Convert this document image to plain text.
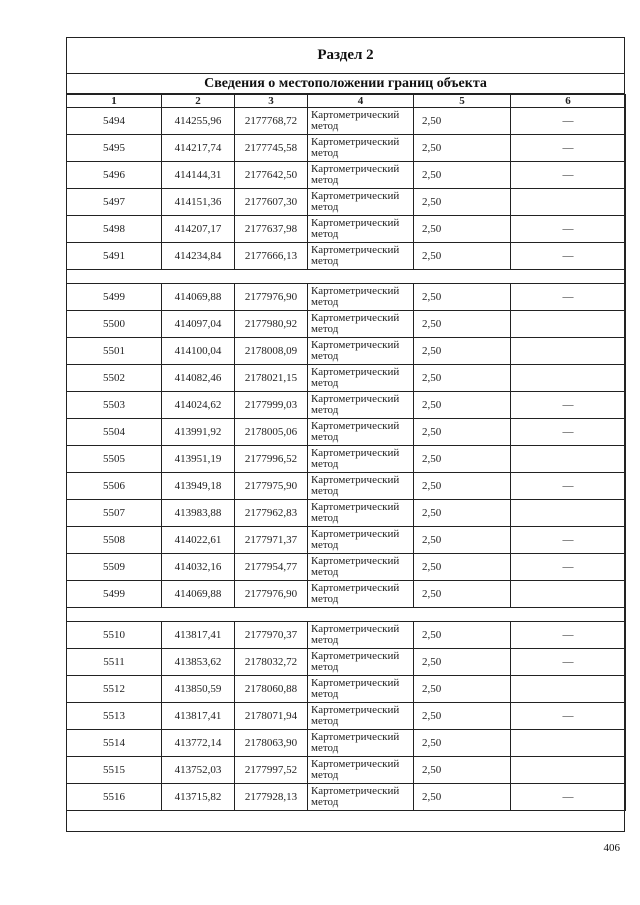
Раздел 2
Сведения о местоположении границ объекта
1	2	3	4	5	6
5494	414255,96	2177768,72	Картометрический метод	2,50	—
5495	414217,74	2177745,58	Картометрический метод	2,50	—
5496	414144,31	2177642,50	Картометрический метод	2,50	—
5497	414151,36	2177607,30	Картометрический метод	2,50	
5498	414207,17	2177637,98	Картометрический метод	2,50	—
5491	414234,84	2177666,13	Картометрический метод	2,50	—

5499	414069,88	2177976,90	Картометрический метод	2,50	—
5500	414097,04	2177980,92	Картометрический метод	2,50	
5501	414100,04	2178008,09	Картометрический метод	2,50	
5502	414082,46	2178021,15	Картометрический метод	2,50	
5503	414024,62	2177999,03	Картометрический метод	2,50	—
5504	413991,92	2178005,06	Картометрический метод	2,50	—
5505	413951,19	2177996,52	Картометрический метод	2,50	
5506	413949,18	2177975,90	Картометрический метод	2,50	—
5507	413983,88	2177962,83	Картометрический метод	2,50	
5508	414022,61	2177971,37	Картометрический метод	2,50	—
5509	414032,16	2177954,77	Картометрический метод	2,50	—
5499	414069,88	2177976,90	Картометрический метод	2,50	

5510	413817,41	2177970,37	Картометрический метод	2,50	—
5511	413853,62	2178032,72	Картометрический метод	2,50	—
5512	413850,59	2178060,88	Картометрический метод	2,50	
5513	413817,41	2178071,94	Картометрический метод	2,50	—
5514	413772,14	2178063,90	Картометрический метод	2,50	
5515	413752,03	2177997,52	Картометрический метод	2,50	
5516	413715,82	2177928,13	Картометрический метод	2,50	—
406
